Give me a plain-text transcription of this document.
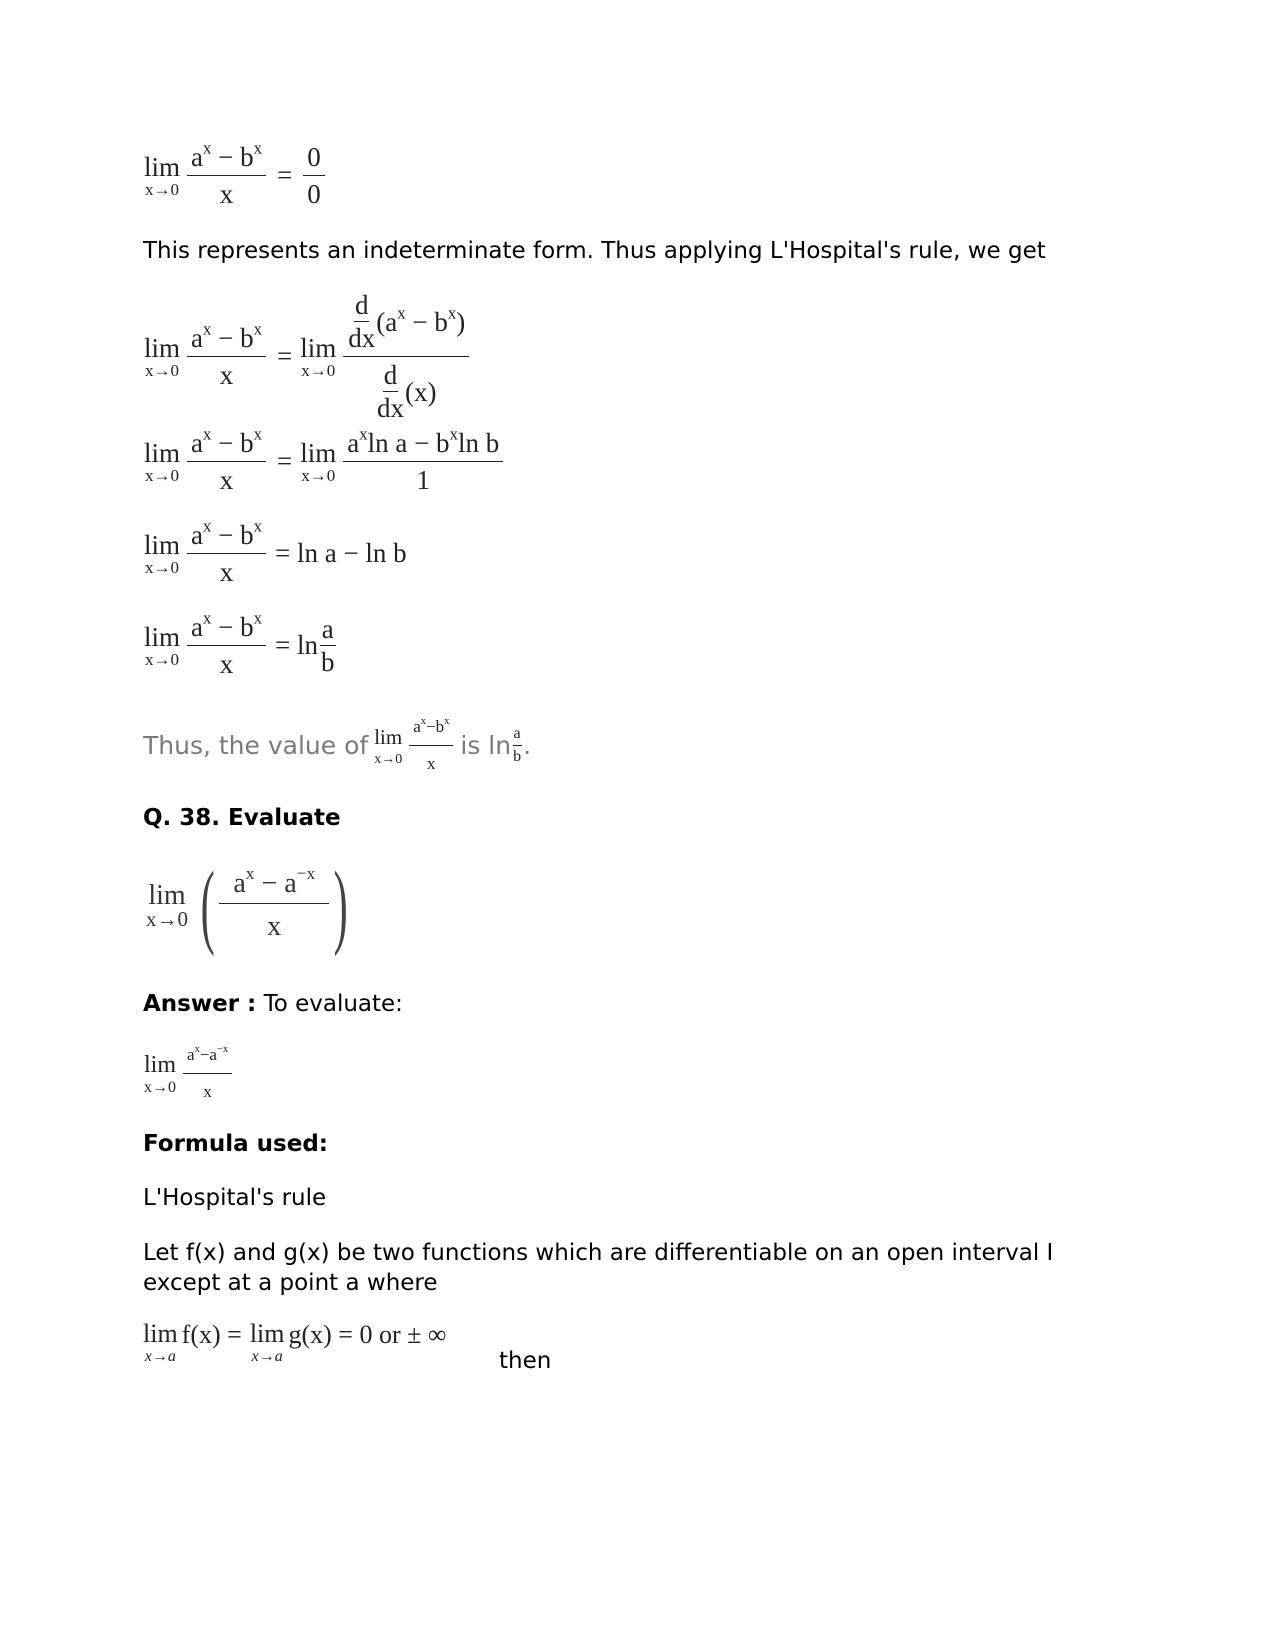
lim
$x\to 0 \frac{a^x - b^x}{x} = \frac{0}{0}$
This represents an indeterminate form. Thus applying L'Hospital's rule, we get
lim
$x\to 0 \frac{a^x - b^x}{x} = \lim$
$x\to 0 \frac{\frac{d}{dx} (a^x - b^x)}{\frac{d}{dx} (x)}$
lim
$x\to 0 \frac{a^x - b^x}{x} = \lim$
$x\to 0 \frac{a^x\ln a - b^x\ln b}{1}$
lim
$x\to 0 \frac{a^x - b^x}{x} = \ln a - \ln b$
lim
$x\to 0 \frac{a^x - b^x}{x} = \ln \frac{a}{b}$
Thus, the value of lim
$x\to 0 \frac{a^x-b^x}{x}$ is $\ln \frac{a}{b}$ .
Q. 38. Evaluate
lim
x→0 ( $\frac{a^x - a^{-x}}{x}$ )
Answer : To evaluate:
lim
$x\to 0 \frac{a^x-a^{-x}}{x}$
Formula used:
L'Hospital's rule
Let f(x) and g(x) be two functions which are differentiable on an open interval I except at a point a where
lim
x→a
f(x) = lim
x→a
g(x) = 0 or ± ∞
then
